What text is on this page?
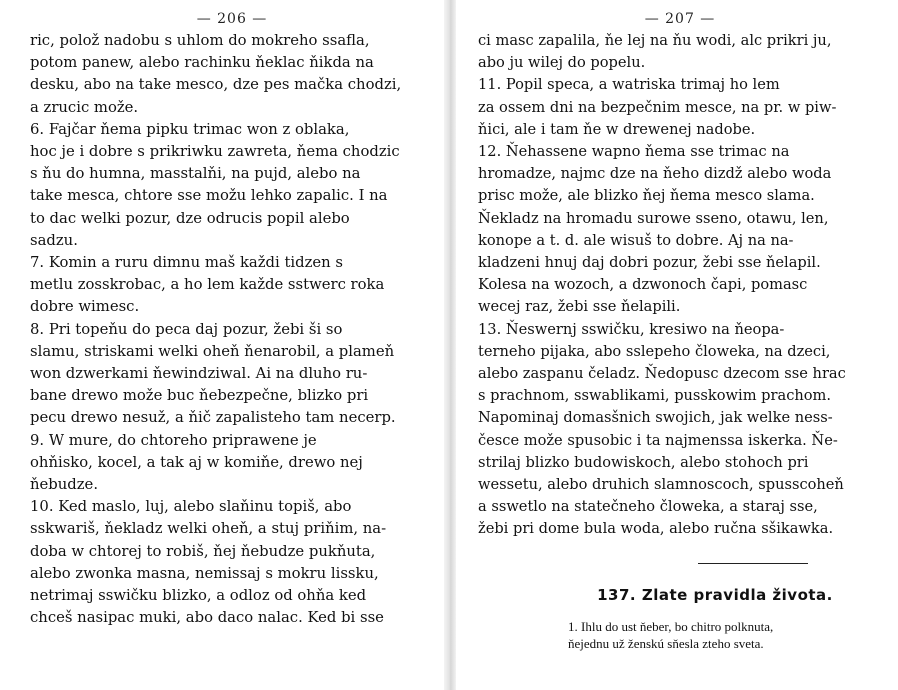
— 206 —

ric, polož nadobu s uhlom do mokreho ssafla,
potom panew, alebo rachinku ňeklac ňikda na
desku, abo na take mesco, dze pes mačka chodzi,
a zrucic može.

6. Fajčar ňema pipku trimac won z oblaka,
hoc je i dobre s prikriwku zawreta, ňema chodzic
s ňu do humna, masstalňi, na pujd, alebo na
take mesca, chtore sse možu lehko zapalic. I na
to dac welki pozur, dze odrucis popil alebo
sadzu.

7. Komin a ruru dimnu maš každi tidzen s
metlu zosskrobac, a ho lem každe sstwerc roka
dobre wimesc.

8. Pri topeňu do peca daj pozur, žebi ši so
slamu, striskami welki oheň ňenarobil, a plameň
won dzwerkami ňewindziwal. Ai na dluho ru-
bane drewo može buc ňebezpečne, blizko pri
pecu drewo nesuž, a ňič zapalisteho tam necerp.

9. W mure, do chtoreho priprawene je
ohňisko, kocel, a tak aj w komiňe, drewo nej
ňebudze.

10. Ked maslo, luj, alebo slaňinu topiš, abo
sskwariš, ňekladz welki oheň, a stuj priňim, na-
doba w chtorej to robiš, ňej ňebudze pukňuta,
alebo zwonka masna, nemissaj s mokru lissku,
netrimaj sswičku blizko, a odloz od ohňa ked
chceš nasipac muki, abo daco nalac. Ked bi sse

— 207 —

ci masc zapalila, ňe lej na ňu wodi, alc prikri ju,
abo ju wilej do popelu.

11. Popil speca, a watriska trimaj ho lem
za ossem dni na bezpečnim mesce, na pr. w piw-
ňici, ale i tam ňe w drewenej nadobe.

12. Ňehassene wapno ňema sse trimac na
hromadze, najmc dze na ňeho dizdž alebo woda
prisc može, ale blizko ňej ňema mesco slama.
Ňekladz na hromadu surowe sseno, otawu, len,
konope a t. d. ale wisuš to dobre. Aj na na-
kladzeni hnuj daj dobri pozur, žebi sse ňelapil.
Kolesa na wozoch, a dzwonoch čapi, pomasc
wecej raz, žebi sse ňelapili.

13. Ňeswernj sswičku, kresiwo na ňeopa-
terneho pijaka, abo sslepeho čloweka, na dzeci,
alebo zaspanu čeladz. Ňedopusc dzecom sse hrac
s prachnom, sswablikami, pusskowim prachom.
Napominaj domasšnich swojich, jak welke ness-
česce može spusobic i ta najmenssa iskerka. Ňe-
strilaj blizko budowiskoch, alebo stohoch pri
wessetu, alebo druhich slamnoscoch, spusscoheň
a sswetlo na statečneho čloweka, a staraj sse,
žebi pri dome bula woda, alebo ručna sšikawka.

137. Zlate pravidla života.
1. Ihlu do ust ňeber, bo chitro polknuta,
ňejednu už ženskú sňesla zteho sveta.
